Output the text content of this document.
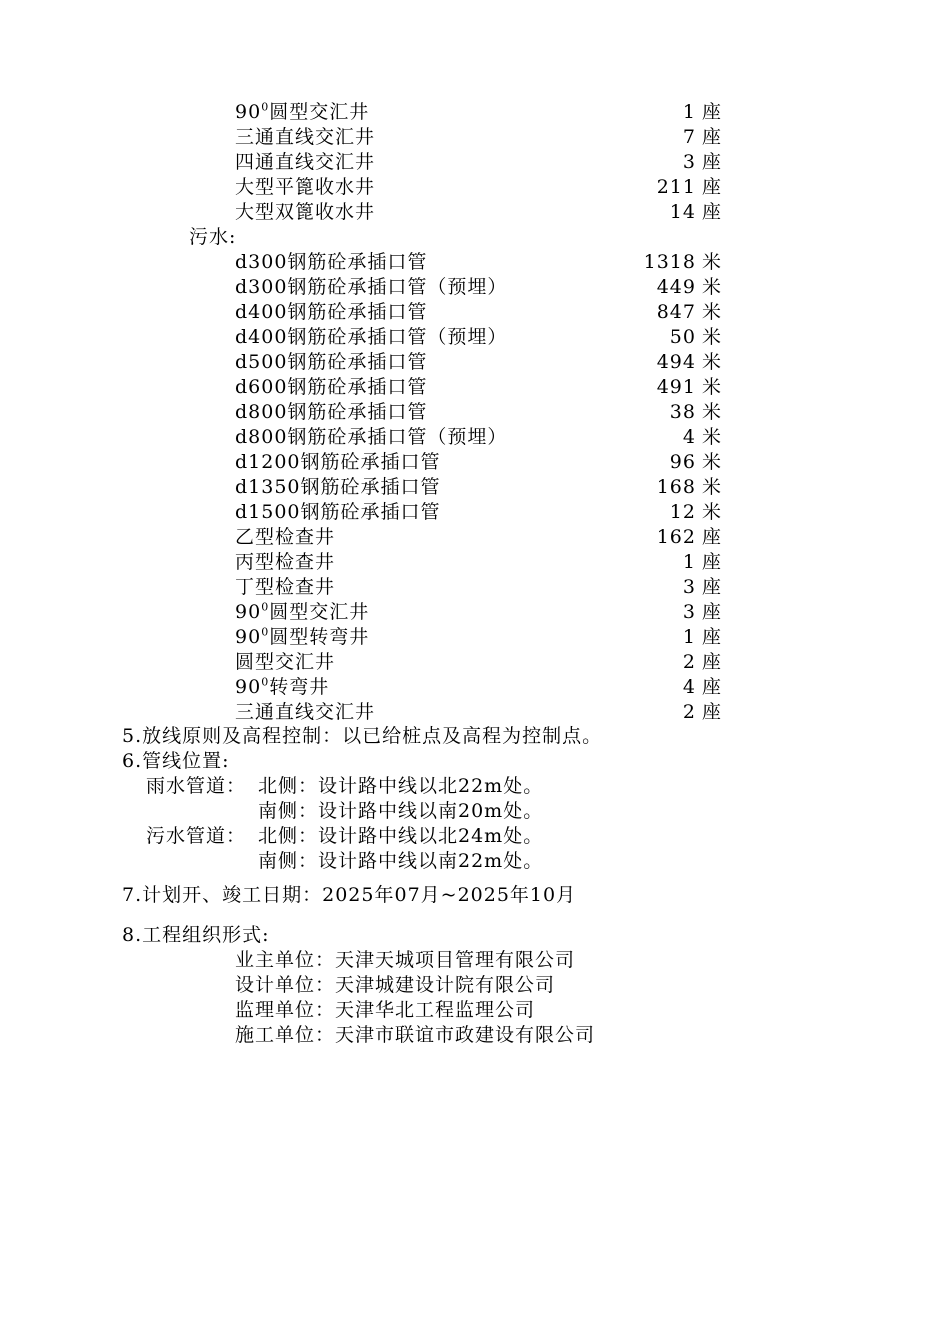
$90^0$圆型交汇井	1 座
三通直线交汇井	7 座
四通直线交汇井	3 座
大型平篦收水井	211 座
大型双篦收水井	14 座
污水:
d300钢筋砼承插口管	1318 米
d300钢筋砼承插口管（预埋）	449 米
d400钢筋砼承插口管	847 米
d400钢筋砼承插口管（预埋）	50 米
d500钢筋砼承插口管	494 米
d600钢筋砼承插口管	491 米
d800钢筋砼承插口管	38 米
d800钢筋砼承插口管（预埋）	4 米
d1200钢筋砼承插口管	96 米
d1350钢筋砼承插口管	168 米
d1500钢筋砼承插口管	12 米
乙型检查井	162 座
丙型检查井	1 座
丁型检查井	3 座
$90^0$圆型交汇井	3 座
$90^0$圆型转弯井	1 座
圆型交汇井	2 座
$90^0$转弯井	4 座
三通直线交汇井	2 座
5.放线原则及高程控制：以已给桩点及高程为控制点。
6.管线位置:
雨水管道： 北侧：设计路中线以北22m处。
南侧：设计路中线以南20m处。
污水管道： 北侧：设计路中线以北24m处。
南侧：设计路中线以南22m处。
7.计划开、竣工日期：2025年07月~2025年10月
8.工程组织形式:
业主单位：天津天城项目管理有限公司
设计单位：天津城建设计院有限公司
监理单位：天津华北工程监理公司
施工单位：天津市联谊市政建设有限公司
